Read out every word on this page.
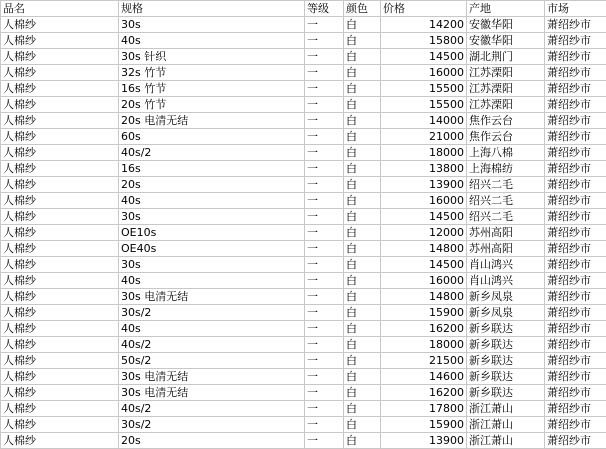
品名	规格	等级	颜色	价格	产地	市场
人棉纱	30s	一	白	14200	安徽华阳	萧绍纱市
人棉纱	40s	一	白	15800	安徽华阳	萧绍纱市
人棉纱	30s 针织	一	白	14500	湖北荆门	萧绍纱市
人棉纱	32s 竹节	一	白	16000	江苏溧阳	萧绍纱市
人棉纱	16s 竹节	一	白	15500	江苏溧阳	萧绍纱市
人棉纱	20s 竹节	一	白	15500	江苏溧阳	萧绍纱市
人棉纱	20s 电清无结	一	白	14000	焦作云台	萧绍纱市
人棉纱	60s	一	白	21000	焦作云台	萧绍纱市
人棉纱	40s/2	一	白	18000	上海八棉	萧绍纱市
人棉纱	16s	一	白	13800	上海棉纺	萧绍纱市
人棉纱	20s	一	白	13900	绍兴二毛	萧绍纱市
人棉纱	40s	一	白	16000	绍兴二毛	萧绍纱市
人棉纱	30s	一	白	14500	绍兴二毛	萧绍纱市
人棉纱	OE10s	一	白	12000	苏州高阳	萧绍纱市
人棉纱	OE40s	一	白	14800	苏州高阳	萧绍纱市
人棉纱	30s	一	白	14500	肖山鸿兴	萧绍纱市
人棉纱	40s	一	白	16000	肖山鸿兴	萧绍纱市
人棉纱	30s 电清无结	一	白	14800	新乡凤泉	萧绍纱市
人棉纱	30s/2	一	白	15900	新乡凤泉	萧绍纱市
人棉纱	40s	一	白	16200	新乡联达	萧绍纱市
人棉纱	40s/2	一	白	18000	新乡联达	萧绍纱市
人棉纱	50s/2	一	白	21500	新乡联达	萧绍纱市
人棉纱	30s 电清无结	一	白	14600	新乡联达	萧绍纱市
人棉纱	30s 电清无结	一	白	16200	新乡联达	萧绍纱市
人棉纱	40s/2	一	白	17800	浙江萧山	萧绍纱市
人棉纱	30s/2	一	白	15900	浙江萧山	萧绍纱市
人棉纱	20s	一	白	13900	浙江萧山	萧绍纱市
